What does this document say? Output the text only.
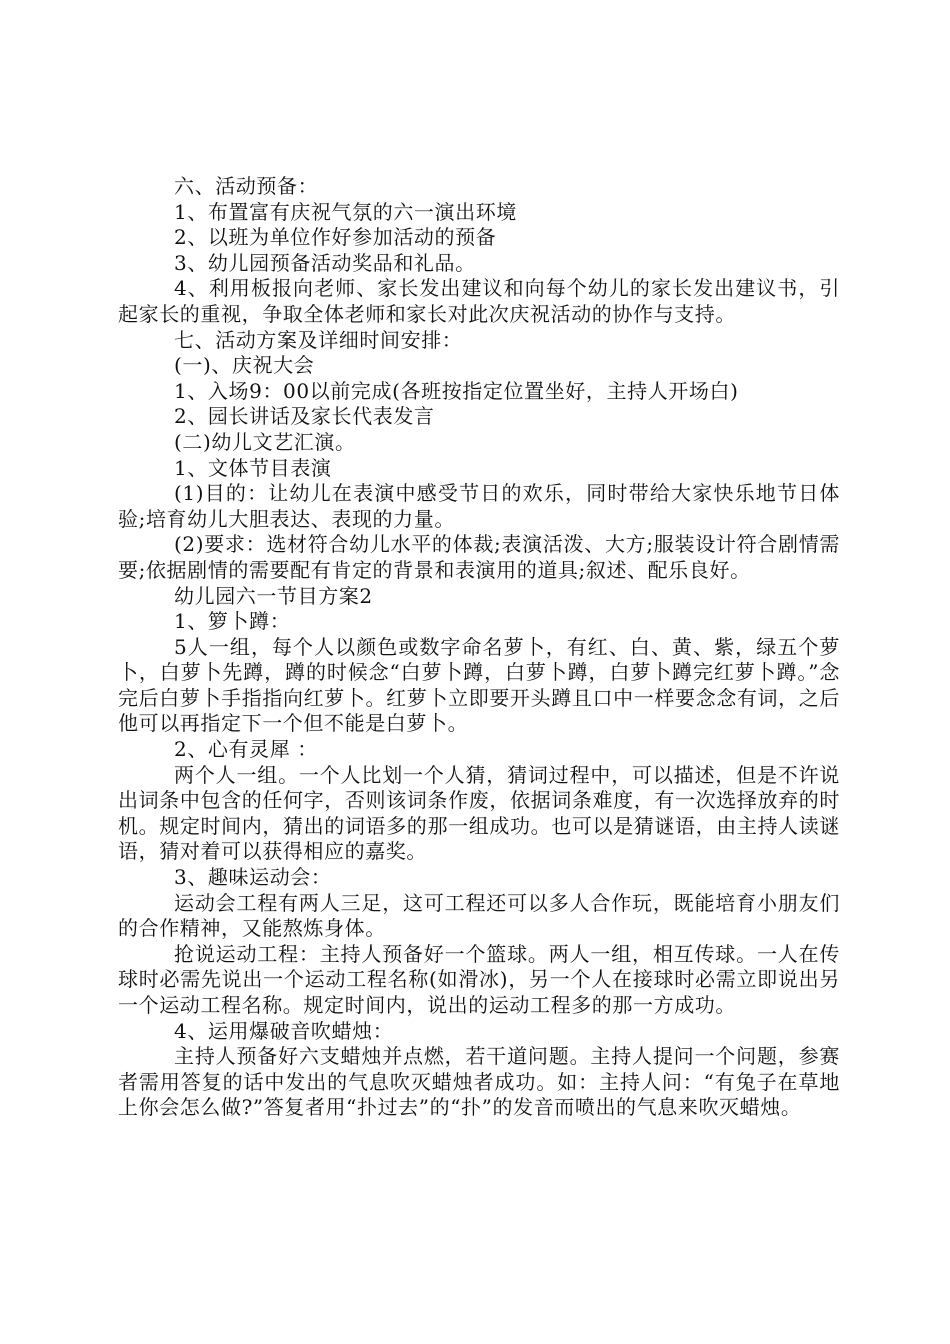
六、活动预备：

1、布置富有庆祝气氛的六一演出环境

2、以班为单位作好参加活动的预备

3、幼儿园预备活动奖品和礼品。

4、利用板报向老师、家长发出建议和向每个幼儿的家长发出建议书，引起家长的重视，争取全体老师和家长对此次庆祝活动的协作与支持。

七、活动方案及详细时间安排：

(一)、庆祝大会

1、入场9：00以前完成(各班按指定位置坐好，主持人开场白)

2、园长讲话及家长代表发言

(二)幼儿文艺汇演。

1、文体节目表演

(1)目的：让幼儿在表演中感受节日的欢乐，同时带给大家快乐地节日体验;培育幼儿大胆表达、表现的力量。

(2)要求：选材符合幼儿水平的体裁;表演活泼、大方;服装设计符合剧情需要;依据剧情的需要配有肯定的背景和表演用的道具;叙述、配乐良好。

幼儿园六一节目方案2

1、箩卜蹲：

5人一组，每个人以颜色或数字命名萝卜，有红、白、黄、紫，绿五个萝卜，白萝卜先蹲，蹲的时候念“白萝卜蹲，白萝卜蹲，白萝卜蹲完红萝卜蹲。”念完后白萝卜手指指向红萝卜。红萝卜立即要开头蹲且口中一样要念念有词，之后他可以再指定下一个但不能是白萝卜。

2、心有灵犀 ：

两个人一组。一个人比划一个人猜，猜词过程中，可以描述，但是不许说出词条中包含的任何字，否则该词条作废，依据词条难度，有一次选择放弃的时机。规定时间内，猜出的词语多的那一组成功。也可以是猜谜语，由主持人读谜语，猜对着可以获得相应的嘉奖。

3、趣味运动会：

运动会工程有两人三足，这可工程还可以多人合作玩，既能培育小朋友们的合作精神，又能熬炼身体。

抢说运动工程：主持人预备好一个篮球。两人一组，相互传球。一人在传球时必需先说出一个运动工程名称(如滑冰)，另一个人在接球时必需立即说出另一个运动工程名称。规定时间内，说出的运动工程多的那一方成功。

4、运用爆破音吹蜡烛：

主持人预备好六支蜡烛并点燃，若干道问题。主持人提问一个问题，参赛者需用答复的话中发出的气息吹灭蜡烛者成功。如：主持人问：“有兔子在草地上你会怎么做?”答复者用“扑过去”的“扑”的发音而喷出的气息来吹灭蜡烛。
